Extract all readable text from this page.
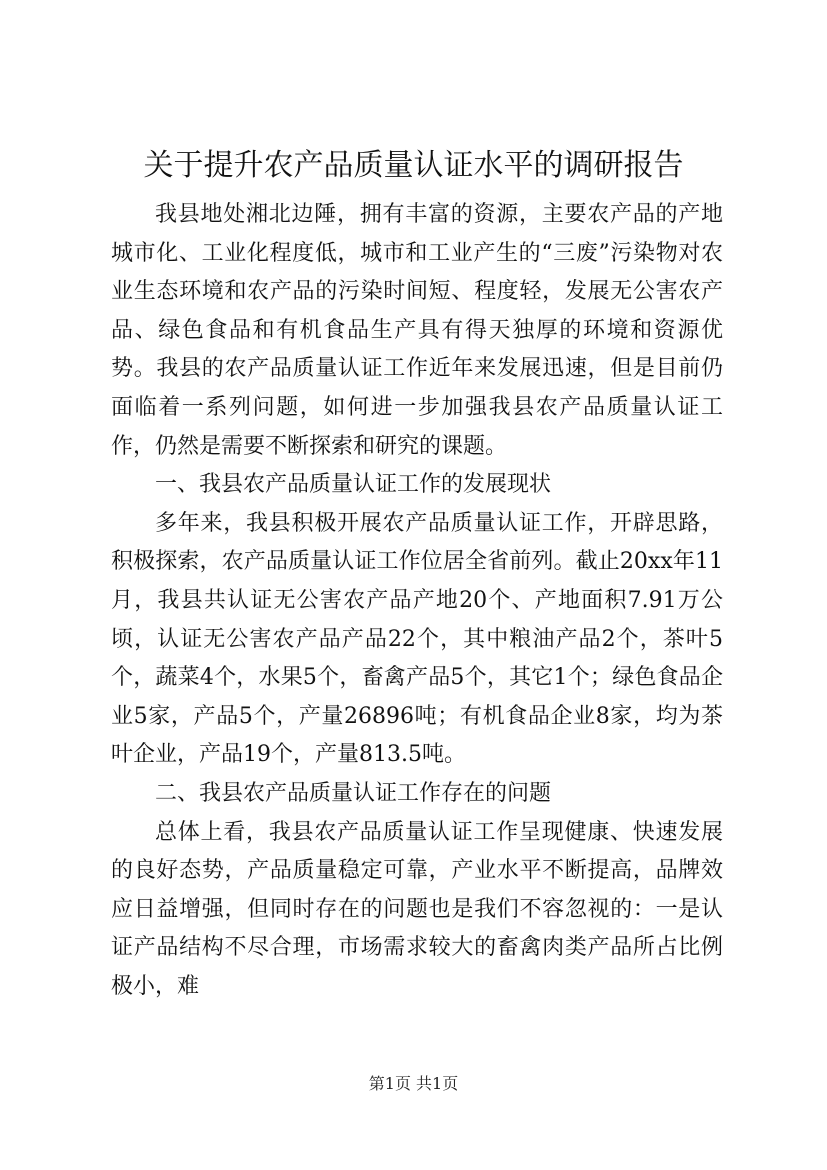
关于提升农产品质量认证水平的调研报告

我县地处湘北边陲，拥有丰富的资源，主要农产品的产地城市化、工业化程度低，城市和工业产生的“三废”污染物对农业生态环境和农产品的污染时间短、程度轻，发展无公害农产品、绿色食品和有机食品生产具有得天独厚的环境和资源优势。我县的农产品质量认证工作近年来发展迅速，但是目前仍面临着一系列问题，如何进一步加强我县农产品质量认证工作，仍然是需要不断探索和研究的课题。

一、我县农产品质量认证工作的发展现状

多年来，我县积极开展农产品质量认证工作，开辟思路，积极探索，农产品质量认证工作位居全省前列。截止20xx年11月，我县共认证无公害农产品产地20个、产地面积7.91万公顷，认证无公害农产品产品22个，其中粮油产品2个，茶叶5个，蔬菜4个，水果5个，畜禽产品5个，其它1个；绿色食品企业5家，产品5个，产量26896吨；有机食品企业8家，均为茶叶企业，产品19个，产量813.5吨。

二、我县农产品质量认证工作存在的问题

总体上看，我县农产品质量认证工作呈现健康、快速发展的良好态势，产品质量稳定可靠，产业水平不断提高，品牌效应日益增强，但同时存在的问题也是我们不容忽视的：一是认证产品结构不尽合理，市场需求较大的畜禽肉类产品所占比例极小，难

第1页 共1页
